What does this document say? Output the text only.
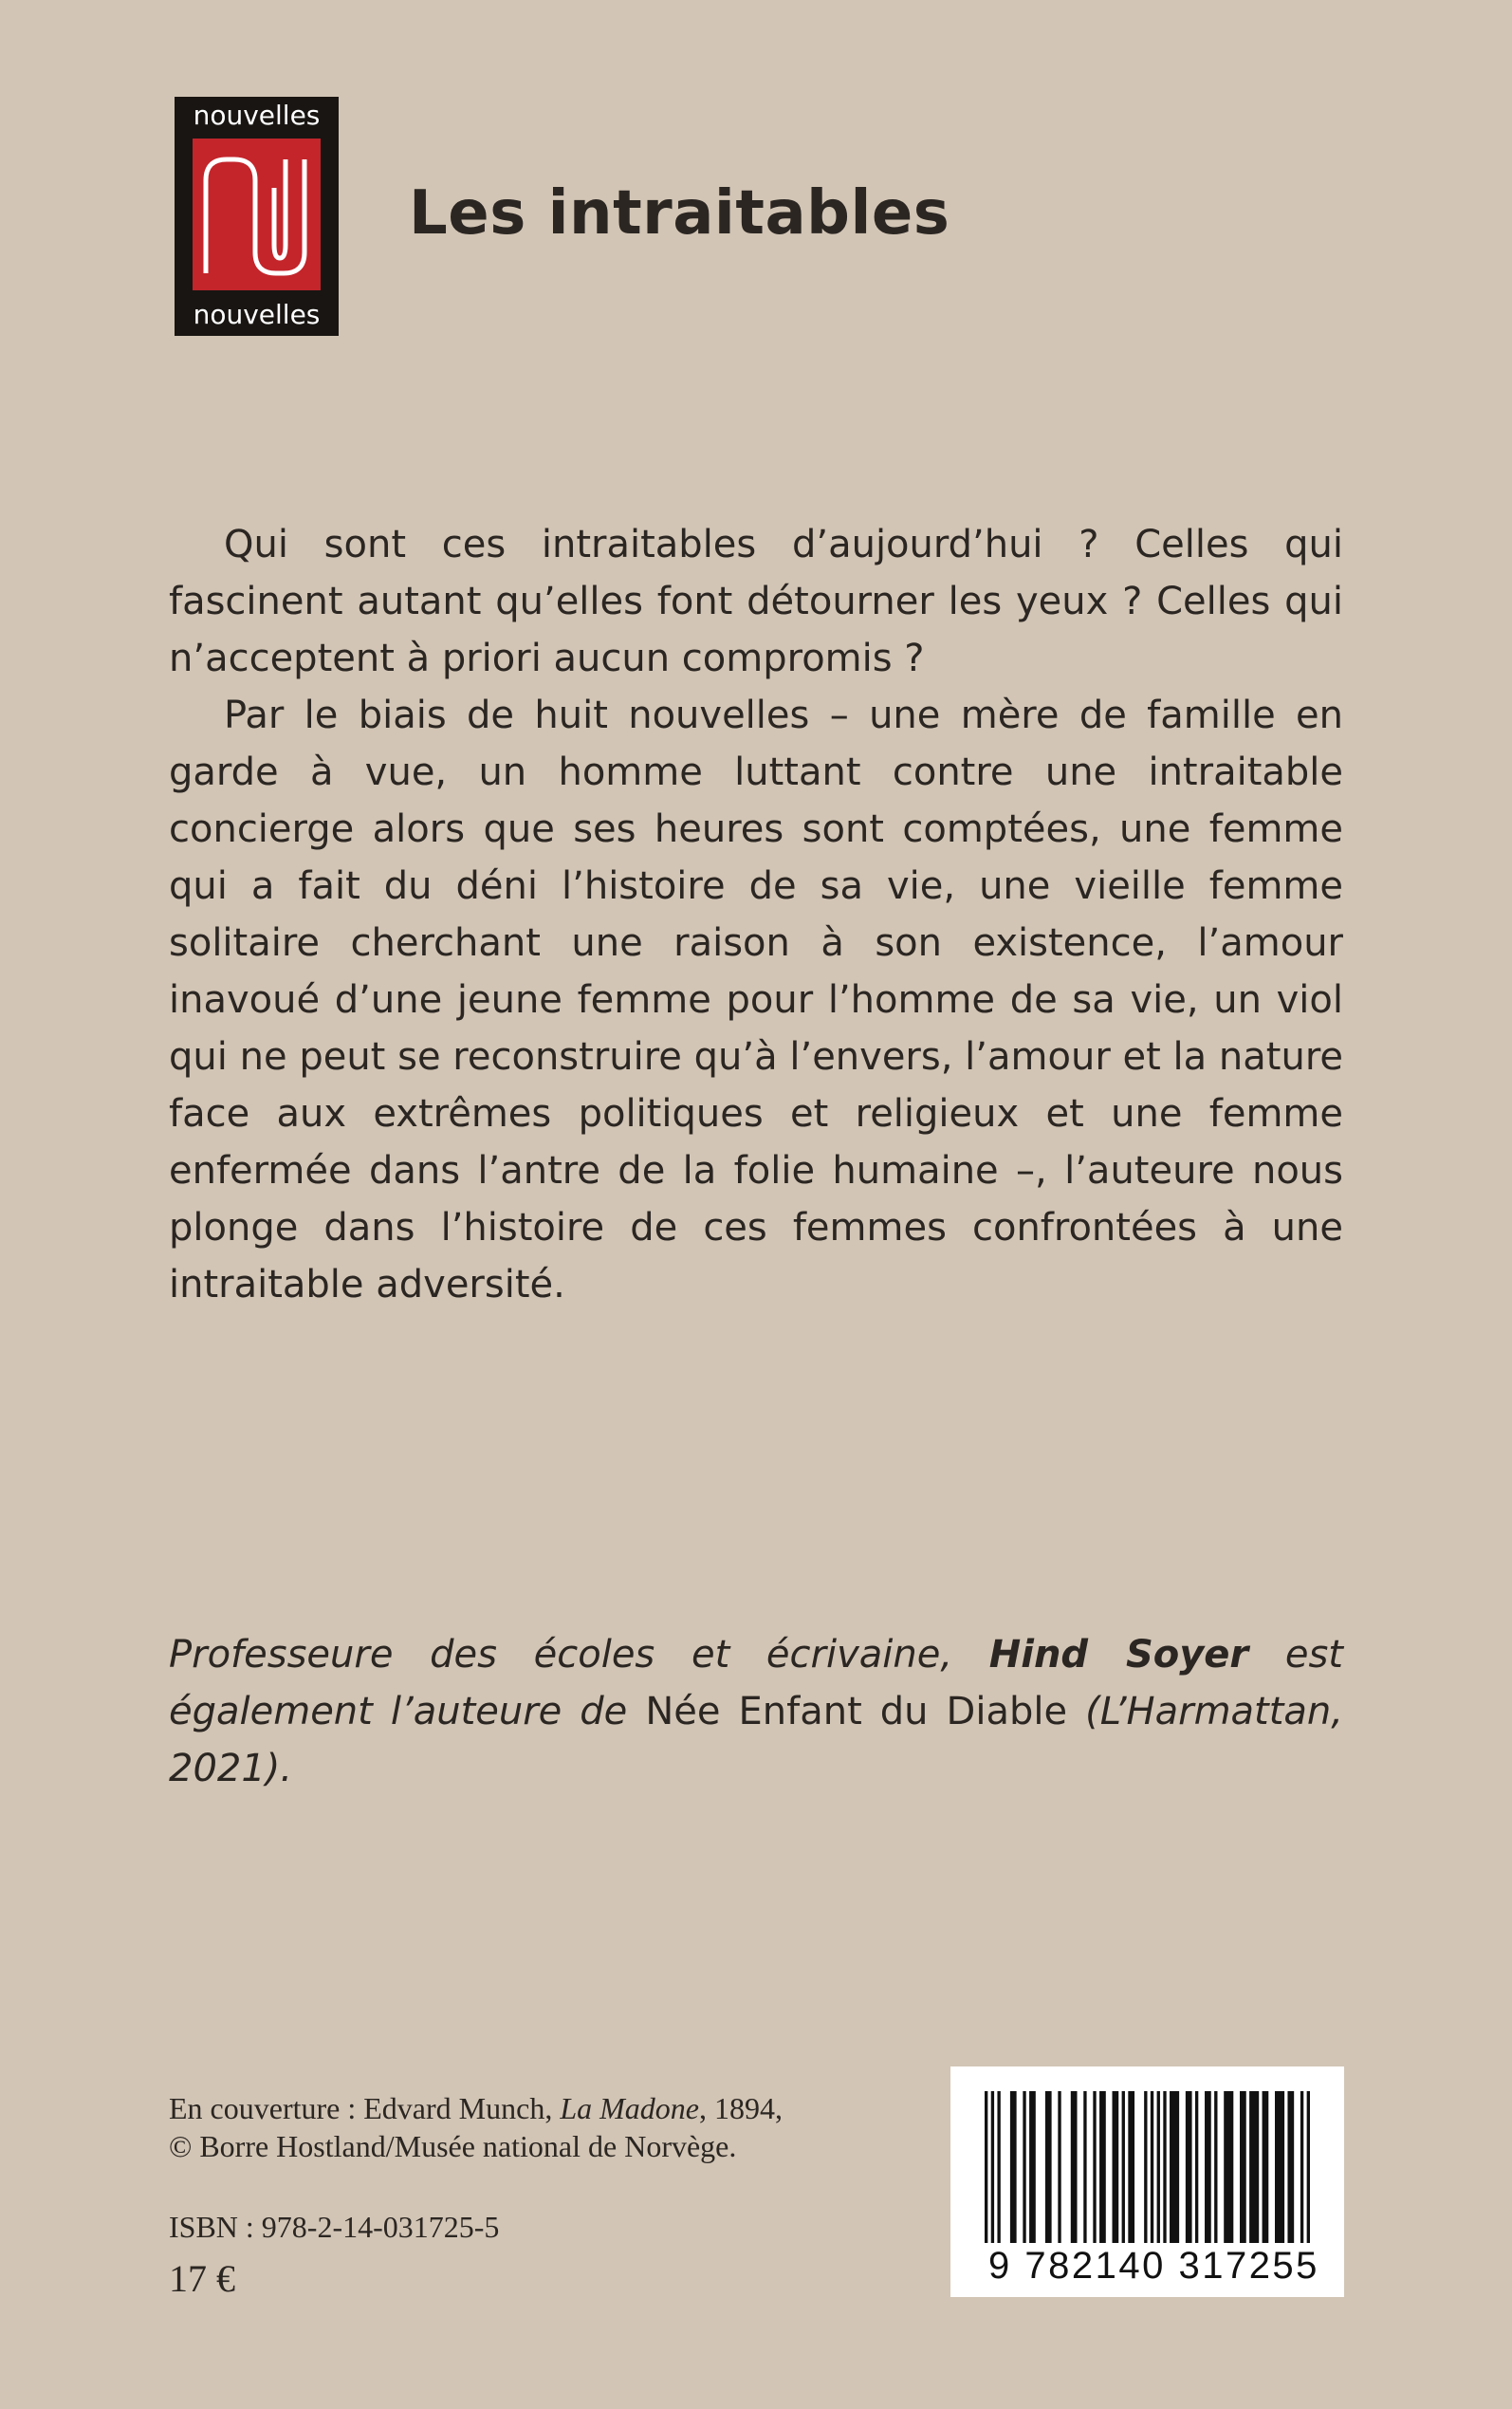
nouvelles
nouvelles
Les intraitables

Qui sont ces intraitables d’aujourd’hui ? Celles qui fascinent autant qu’elles font détourner les yeux ? Celles qui n’acceptent à priori aucun compromis ?

Par le biais de huit nouvelles – une mère de famille en garde à vue, un homme luttant contre une intraitable concierge alors que ses heures sont comptées, une femme qui a fait du déni l’histoire de sa vie, une vieille femme solitaire cherchant une raison à son existence, l’amour inavoué d’une jeune femme pour l’homme de sa vie, un viol qui ne peut se reconstruire qu’à l’envers, l’amour et la nature face aux extrêmes politiques et religieux et une femme enfermée dans l’antre de la folie humaine –, l’auteure nous plonge dans l’histoire de ces femmes confrontées à une intraitable adversité.

Professeure des écoles et écrivaine, Hind Soyer est également l’auteure de Née Enfant du Diable (L’Harmattan, 2021).

En couverture : Edvard Munch, La Madone, 1894,
© Borre Hostland/Musée national de Norvège.
ISBN : 978-2-14-031725-5
17 €	9 782140 317255
